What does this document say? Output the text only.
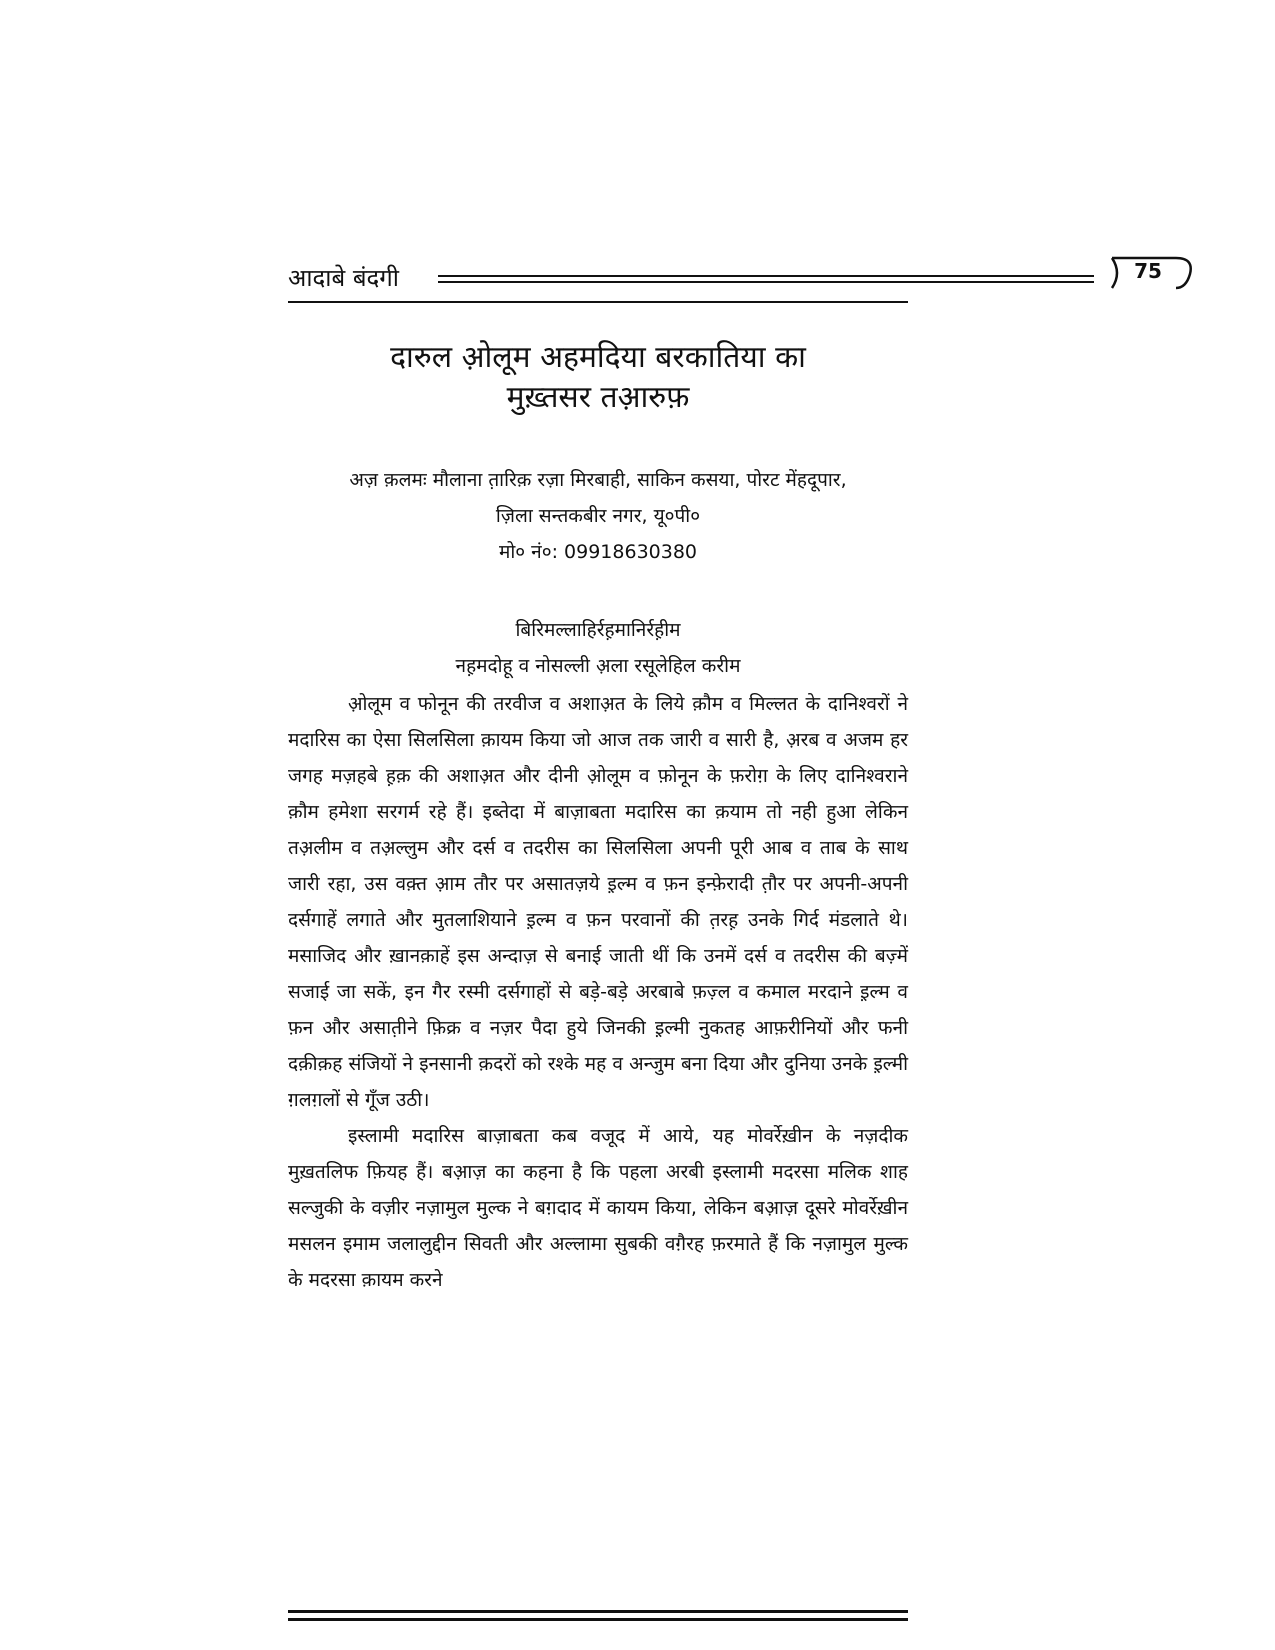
आदाबे बंदगी	75
दारुल ओ़लूम अहमदिया बरकातिया का
मुख़्तसर तआ़रुफ़
अज़ क़लमः मौलाना त़ारिक़ रज़ा मिरबाही, साकिन कसया, पोरट मेंहदूपार,
ज़िला सन्तकबीर नगर, यू०पी०
मो० नं०: 09918630380
बिरिमल्लाहिर्रह़मानिर्रह़ीम
नह़मदोहू व नोसल्ली अ़ला रसूलेहिल करीम

ओ़लूम व फोनून की तरवीज व अशाअ़त के लिये क़ौम व मिल्लत के दानिश्वरों ने मदारिस का ऐसा सिलसिला क़ायम किया जो आज तक जारी व सारी है, अ़रब व अजम हर जगह मज़हबे ह़क़ की अशाअ़त और दीनी ओ़लूम व फ़ोनून के फ़रोग़ के लिए दानिश्वराने क़ौम हमेशा सरगर्म रहे हैं। इब्तेदा में बाज़ाबता मदारिस का क़याम तो नही हुआ लेकिन तअ़लीम व तअ़ल्लुम और दर्स व तदरीस का सिलसिला अपनी पूरी आब व ताब के साथ जारी रहा, उस वक़्त अ़ाम तौर पर असातज़ये इ़ल्म व फ़न इन्फ़ेरादी त़ौर पर अपनी-अपनी दर्सगाहें लगाते और मुतलाशियाने इ़ल्म व फ़न परवानों की त़रह़ उनके गिर्द मंडलाते थे। मसाजिद और ख़ानक़ाहें इस अन्दाज़ से बनाई जाती थीं कि उनमें दर्स व तदरीस की बज़्में सजाई जा सकें, इन गैर रस्मी दर्सगाहों से बड़े-बड़े अरबाबे फ़ज़्ल व कमाल मरदाने इ़ल्म व फ़न और असात़ीने फ़िक्र व नज़र पैदा हुये जिनकी इ़ल्मी नुकतह आफ़रीनियों और फनी दक़ीक़ह संजियों ने इनसानी क़दरों को रश्के मह व अन्जुम बना दिया और दुनिया उनके इ़ल्मी ग़लग़लों से गूँज उठी।

इस्लामी मदारिस बाज़ाबता कब वजूद में आये, यह मोवर्रेख़ीन के नज़दीक मुख़तलिफ फ़ियह हैं। बअ़ाज़ का कहना है कि पहला अरबी इस्लामी मदरसा मलिक शाह सल्जुकी के वज़ीर नज़ामुल मुल्क ने बग़दाद में कायम किया, लेकिन बअ़ाज़ दूसरे मोवर्रेख़ीन मसलन इमाम जलालुद्दीन सिवती और अल्लामा सुबकी वग़ैरह फ़रमाते हैं कि नज़ामुल मुल्क के मदरसा क़ायम करने
